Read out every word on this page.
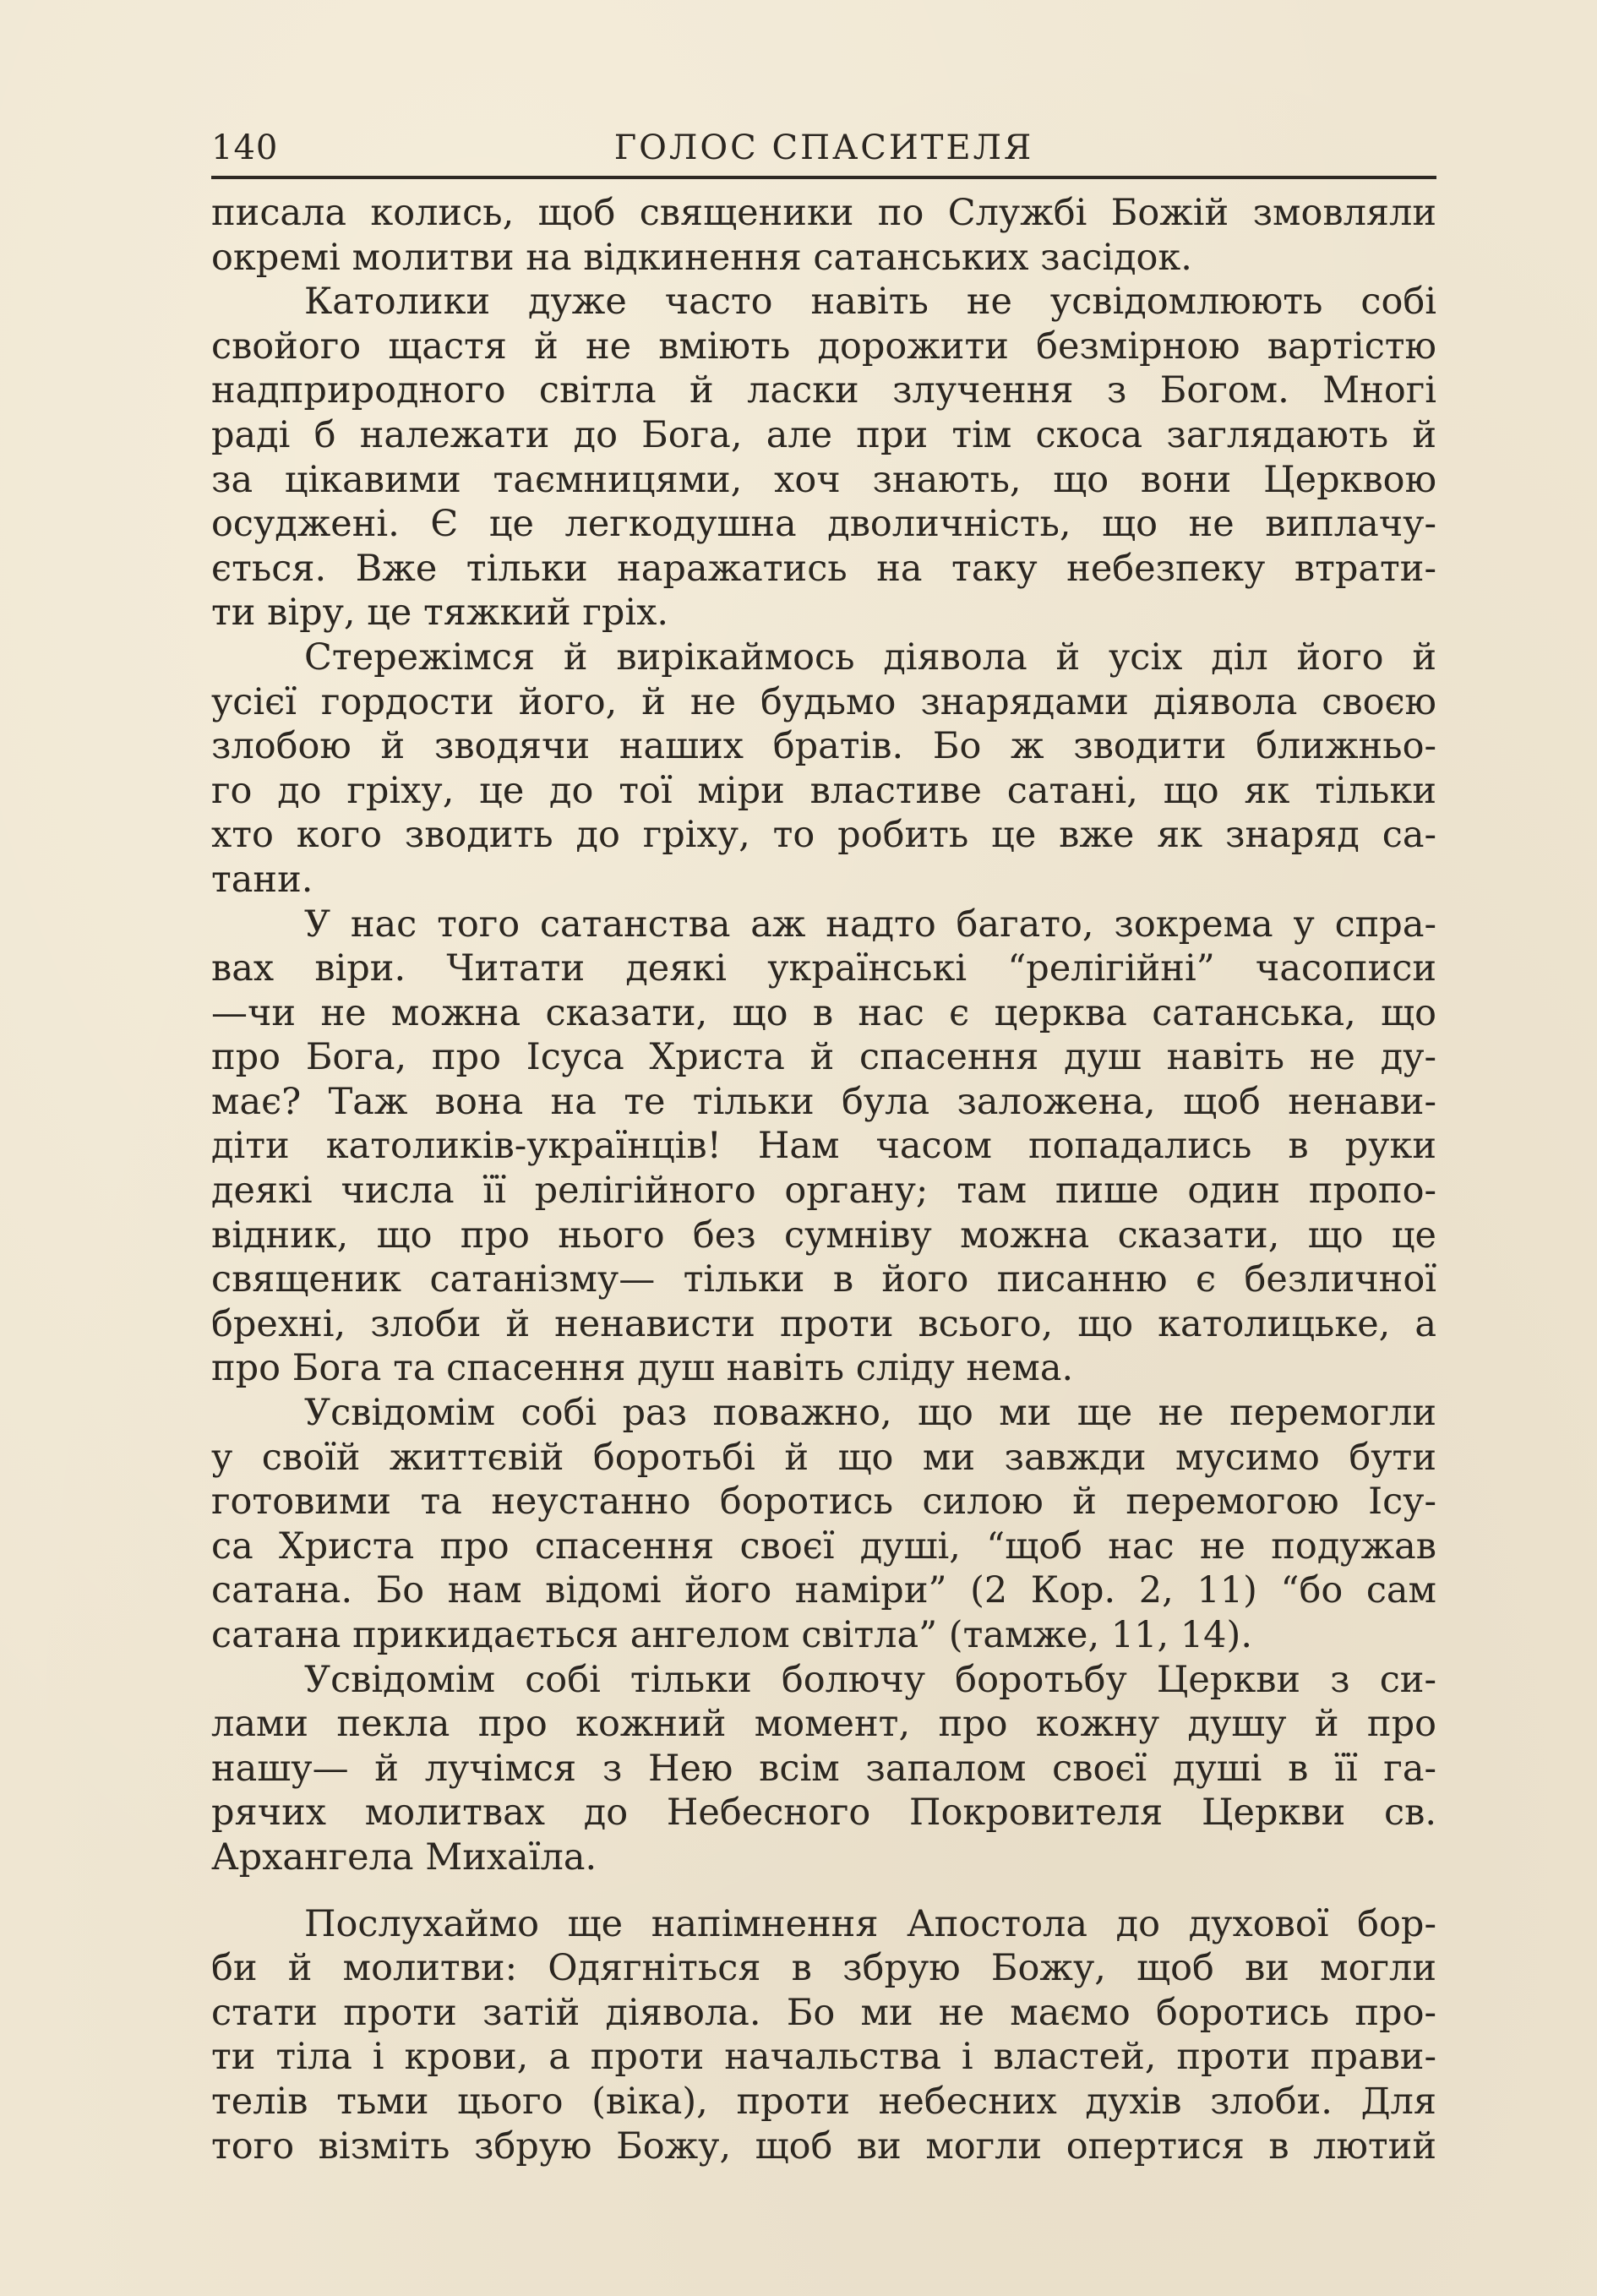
140	ГОЛОС СПАСИТЕЛЯ
писала колись, щоб священики по Службі Божій змовляли
окремі молитви на відкинення сатанських засідок.
Католики дуже часто навіть не усвідомлюють собі
свойого щастя й не вміють дорожити безмірною вартістю
надприродного світла й ласки злучення з Богом. Многі
раді б належати до Бога, але при тім скоса заглядають й
за цікавими таємницями, хоч знають, що вони Церквою
осуджені. Є це легкодушна дволичність, що не виплачу-
ється. Вже тільки наражатись на таку небезпеку втрати-
ти віру, це тяжкий гріх.
Стережімся й вирікаймось діявола й усіх діл його й
усієї гордости його, й не будьмо знарядами діявола своєю
злобою й зводячи наших братів. Бо ж зводити ближньо-
го до гріху, це до тої міри властиве сатані, що як тільки
хто кого зводить до гріху, то робить це вже як знаряд са-
тани.
У нас того сатанства аж надто багато, зокрема у спра-
вах віри. Читати деякі українські “релігійні” часописи
—чи не можна сказати, що в нас є церква сатанська, що
про Бога, про Ісуса Христа й спасення душ навіть не ду-
має? Таж вона на те тільки була заложена, щоб ненави-
діти католиків-українців! Нам часом попадались в руки
деякі числа її релігійного органу; там пише один пропо-
відник, що про нього без сумніву можна сказати, що це
священик сатанізму— тільки в його писанню є безличної
брехні, злоби й ненависти проти всього, що католицьке, а
про Бога та спасення душ навіть сліду нема.
Усвідомім собі раз поважно, що ми ще не перемогли
у своїй життєвій боротьбі й що ми завжди мусимо бути
готовими та неустанно боротись силою й перемогою Ісу-
са Христа про спасення своєї душі, “щоб нас не подужав
сатана. Бо нам відомі його наміри” (2 Кор. 2, 11) “бо сам
сатана прикидається ангелом світла” (тамже, 11, 14).
Усвідомім собі тільки болючу боротьбу Церкви з си-
лами пекла про кожний момент, про кожну душу й про
нашу— й лучімся з Нею всім запалом своєї душі в її га-
рячих молитвах до Небесного Покровителя Церкви св.
Архангела Михаїла.
Послухаймо ще напімнення Апостола до духової бор-
би й молитви: Одягніться в збрую Божу, щоб ви могли
стати проти затій діявола. Бо ми не маємо боротись про-
ти тіла і крови, а проти начальства і властей, проти прави-
телів тьми цього (віка), проти небесних духів злоби. Для
того візміть збрую Божу, щоб ви могли опертися в лютий
